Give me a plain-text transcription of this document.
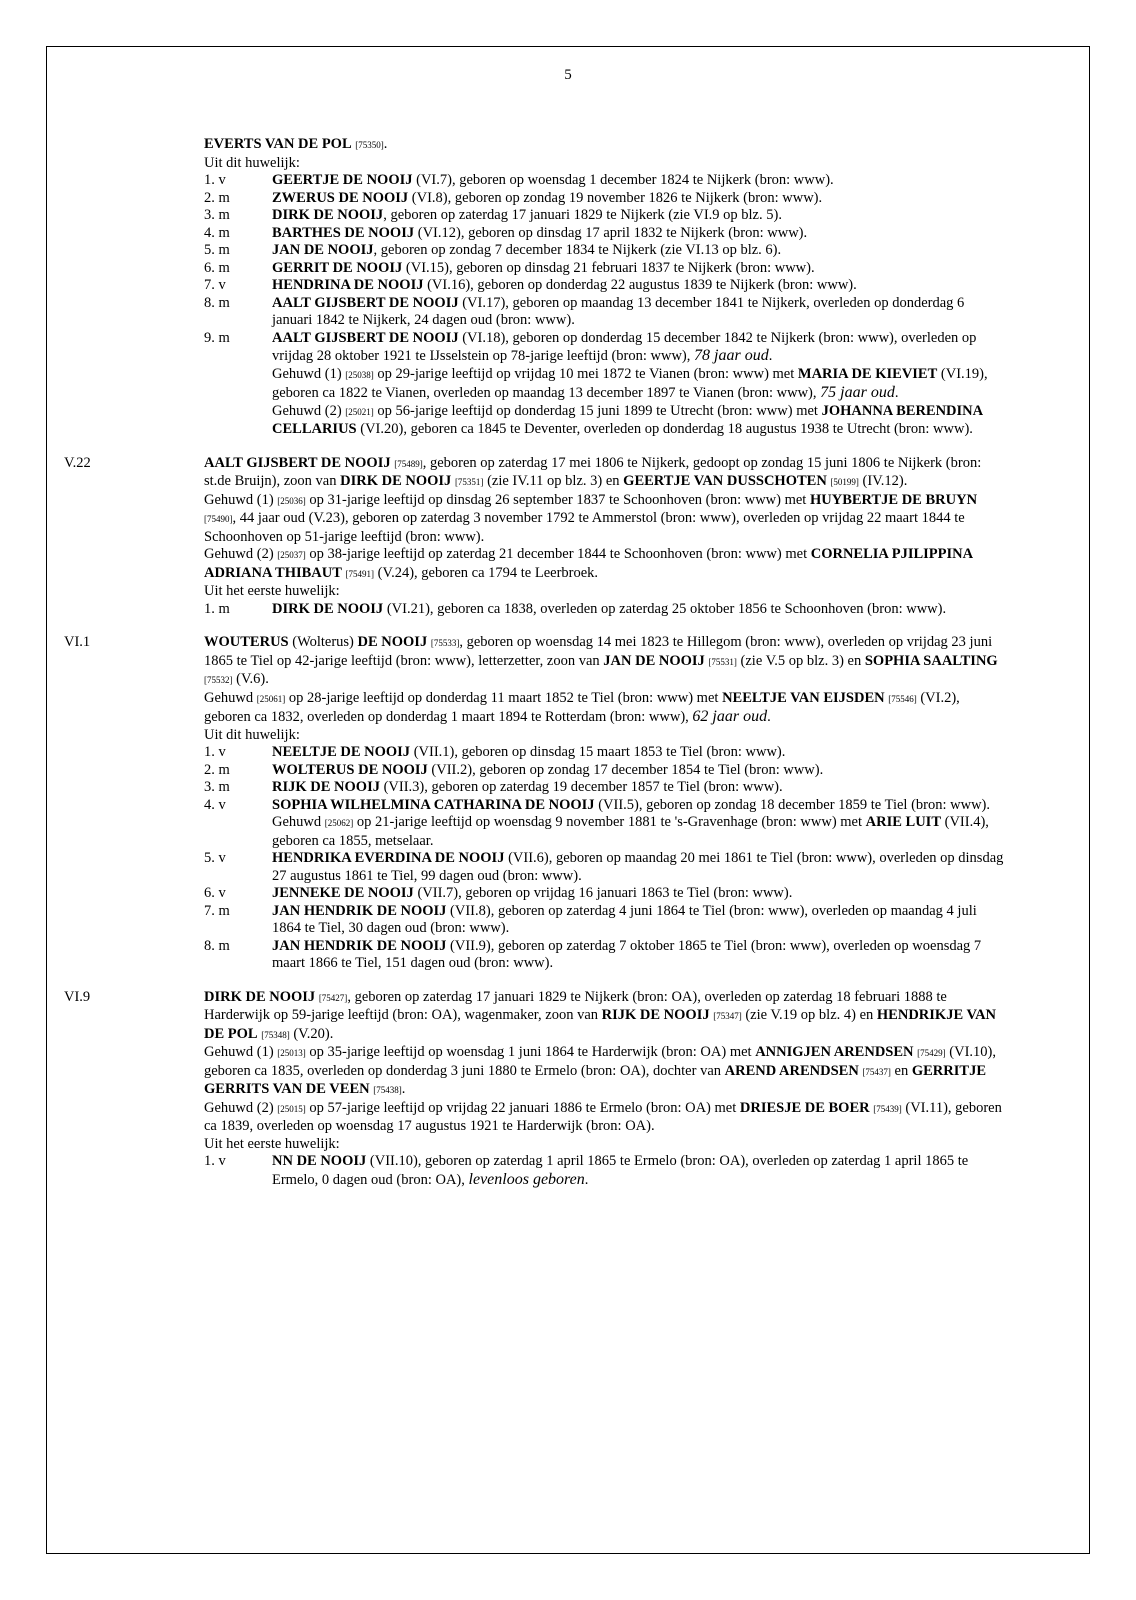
5
EVERTS VAN DE POL [75350].
Uit dit huwelijk:
1. v	GEERTJE DE NOOIJ (VI.7), geboren op woensdag 1 december 1824 te Nijkerk (bron: www).
2. m	ZWERUS DE NOOIJ (VI.8), geboren op zondag 19 november 1826 te Nijkerk (bron: www).
3. m	DIRK DE NOOIJ, geboren op zaterdag 17 januari 1829 te Nijkerk (zie VI.9 op blz. 5).
4. m	BARTHES DE NOOIJ (VI.12), geboren op dinsdag 17 april 1832 te Nijkerk (bron: www).
5. m	JAN DE NOOIJ, geboren op zondag 7 december 1834 te Nijkerk (zie VI.13 op blz. 6).
6. m	GERRIT DE NOOIJ (VI.15), geboren op dinsdag 21 februari 1837 te Nijkerk (bron: www).
7. v	HENDRINA DE NOOIJ (VI.16), geboren op donderdag 22 augustus 1839 te Nijkerk (bron: www).
8. m	AALT GIJSBERT DE NOOIJ (VI.17), geboren op maandag 13 december 1841 te Nijkerk, overleden op donderdag 6 januari 1842 te Nijkerk, 24 dagen oud (bron: www).
9. m	AALT GIJSBERT DE NOOIJ (VI.18), geboren op donderdag 15 december 1842 te Nijkerk (bron: www), overleden op vrijdag 28 oktober 1921 te IJsselstein op 78-jarige leeftijd (bron: www), 78 jaar oud.
Gehuwd (1) [25038] op 29-jarige leeftijd op vrijdag 10 mei 1872 te Vianen (bron: www) met MARIA DE KIEVIET (VI.19), geboren ca 1822 te Vianen, overleden op maandag 13 december 1897 te Vianen (bron: www), 75 jaar oud.
Gehuwd (2) [25021] op 56-jarige leeftijd op donderdag 15 juni 1899 te Utrecht (bron: www) met JOHANNA BERENDINA CELLARIUS (VI.20), geboren ca 1845 te Deventer, overleden op donderdag 18 augustus 1938 te Utrecht (bron: www).
V.22	AALT GIJSBERT DE NOOIJ [75489], geboren op zaterdag 17 mei 1806 te Nijkerk, gedoopt op zondag 15 juni 1806 te Nijkerk (bron: st.de Bruijn), zoon van DIRK DE NOOIJ [75351] (zie IV.11 op blz. 3) en GEERTJE VAN DUSSCHOTEN [50199] (IV.12).
Gehuwd (1) [25036] op 31-jarige leeftijd op dinsdag 26 september 1837 te Schoonhoven (bron: www) met HUYBERTJE DE BRUYN [75490], 44 jaar oud (V.23), geboren op zaterdag 3 november 1792 te Ammerstol (bron: www), overleden op vrijdag 22 maart 1844 te Schoonhoven op 51-jarige leeftijd (bron: www).
Gehuwd (2) [25037] op 38-jarige leeftijd op zaterdag 21 december 1844 te Schoonhoven (bron: www) met CORNELIA PJILIPPINA ADRIANA THIBAUT [75491] (V.24), geboren ca 1794 te Leerbroek.
Uit het eerste huwelijk:
1. m	DIRK DE NOOIJ (VI.21), geboren ca 1838, overleden op zaterdag 25 oktober 1856 te Schoonhoven (bron: www).
VI.1	WOUTERUS (Wolterus) DE NOOIJ [75533], geboren op woensdag 14 mei 1823 te Hillegom (bron: www), overleden op vrijdag 23 juni 1865 te Tiel op 42-jarige leeftijd (bron: www), letterzetter, zoon van JAN DE NOOIJ [75531] (zie V.5 op blz. 3) en SOPHIA SAALTING [75532] (V.6).
Gehuwd [25061] op 28-jarige leeftijd op donderdag 11 maart 1852 te Tiel (bron: www) met NEELTJE VAN EIJSDEN [75546] (VI.2), geboren ca 1832, overleden op donderdag 1 maart 1894 te Rotterdam (bron: www), 62 jaar oud.
Uit dit huwelijk:
1. v	NEELTJE DE NOOIJ (VII.1), geboren op dinsdag 15 maart 1853 te Tiel (bron: www).
2. m	WOLTERUS DE NOOIJ (VII.2), geboren op zondag 17 december 1854 te Tiel (bron: www).
3. m	RIJK DE NOOIJ (VII.3), geboren op zaterdag 19 december 1857 te Tiel (bron: www).
4. v	SOPHIA WILHELMINA CATHARINA DE NOOIJ (VII.5), geboren op zondag 18 december 1859 te Tiel (bron: www).
Gehuwd [25062] op 21-jarige leeftijd op woensdag 9 november 1881 te 's-Gravenhage (bron: www) met ARIE LUIT (VII.4), geboren ca 1855, metselaar.
5. v	HENDRIKA EVERDINA DE NOOIJ (VII.6), geboren op maandag 20 mei 1861 te Tiel (bron: www), overleden op dinsdag 27 augustus 1861 te Tiel, 99 dagen oud (bron: www).
6. v	JENNEKE DE NOOIJ (VII.7), geboren op vrijdag 16 januari 1863 te Tiel (bron: www).
7. m	JAN HENDRIK DE NOOIJ (VII.8), geboren op zaterdag 4 juni 1864 te Tiel (bron: www), overleden op maandag 4 juli 1864 te Tiel, 30 dagen oud (bron: www).
8. m	JAN HENDRIK DE NOOIJ (VII.9), geboren op zaterdag 7 oktober 1865 te Tiel (bron: www), overleden op woensdag 7 maart 1866 te Tiel, 151 dagen oud (bron: www).
VI.9	DIRK DE NOOIJ [75427], geboren op zaterdag 17 januari 1829 te Nijkerk (bron: OA), overleden op zaterdag 18 februari 1888 te Harderwijk op 59-jarige leeftijd (bron: OA), wagenmaker, zoon van RIJK DE NOOIJ [75347] (zie V.19 op blz. 4) en HENDRIKJE VAN DE POL [75348] (V.20).
Gehuwd (1) [25013] op 35-jarige leeftijd op woensdag 1 juni 1864 te Harderwijk (bron: OA) met ANNIGJEN ARENDSEN [75429] (VI.10), geboren ca 1835, overleden op donderdag 3 juni 1880 te Ermelo (bron: OA), dochter van AREND ARENDSEN [75437] en GERRITJE GERRITS VAN DE VEEN [75438].
Gehuwd (2) [25015] op 57-jarige leeftijd op vrijdag 22 januari 1886 te Ermelo (bron: OA) met DRIESJE DE BOER [75439] (VI.11), geboren ca 1839, overleden op woensdag 17 augustus 1921 te Harderwijk (bron: OA).
Uit het eerste huwelijk:
1. v	NN DE NOOIJ (VII.10), geboren op zaterdag 1 april 1865 te Ermelo (bron: OA), overleden op zaterdag 1 april 1865 te Ermelo, 0 dagen oud (bron: OA), levenloos geboren.
